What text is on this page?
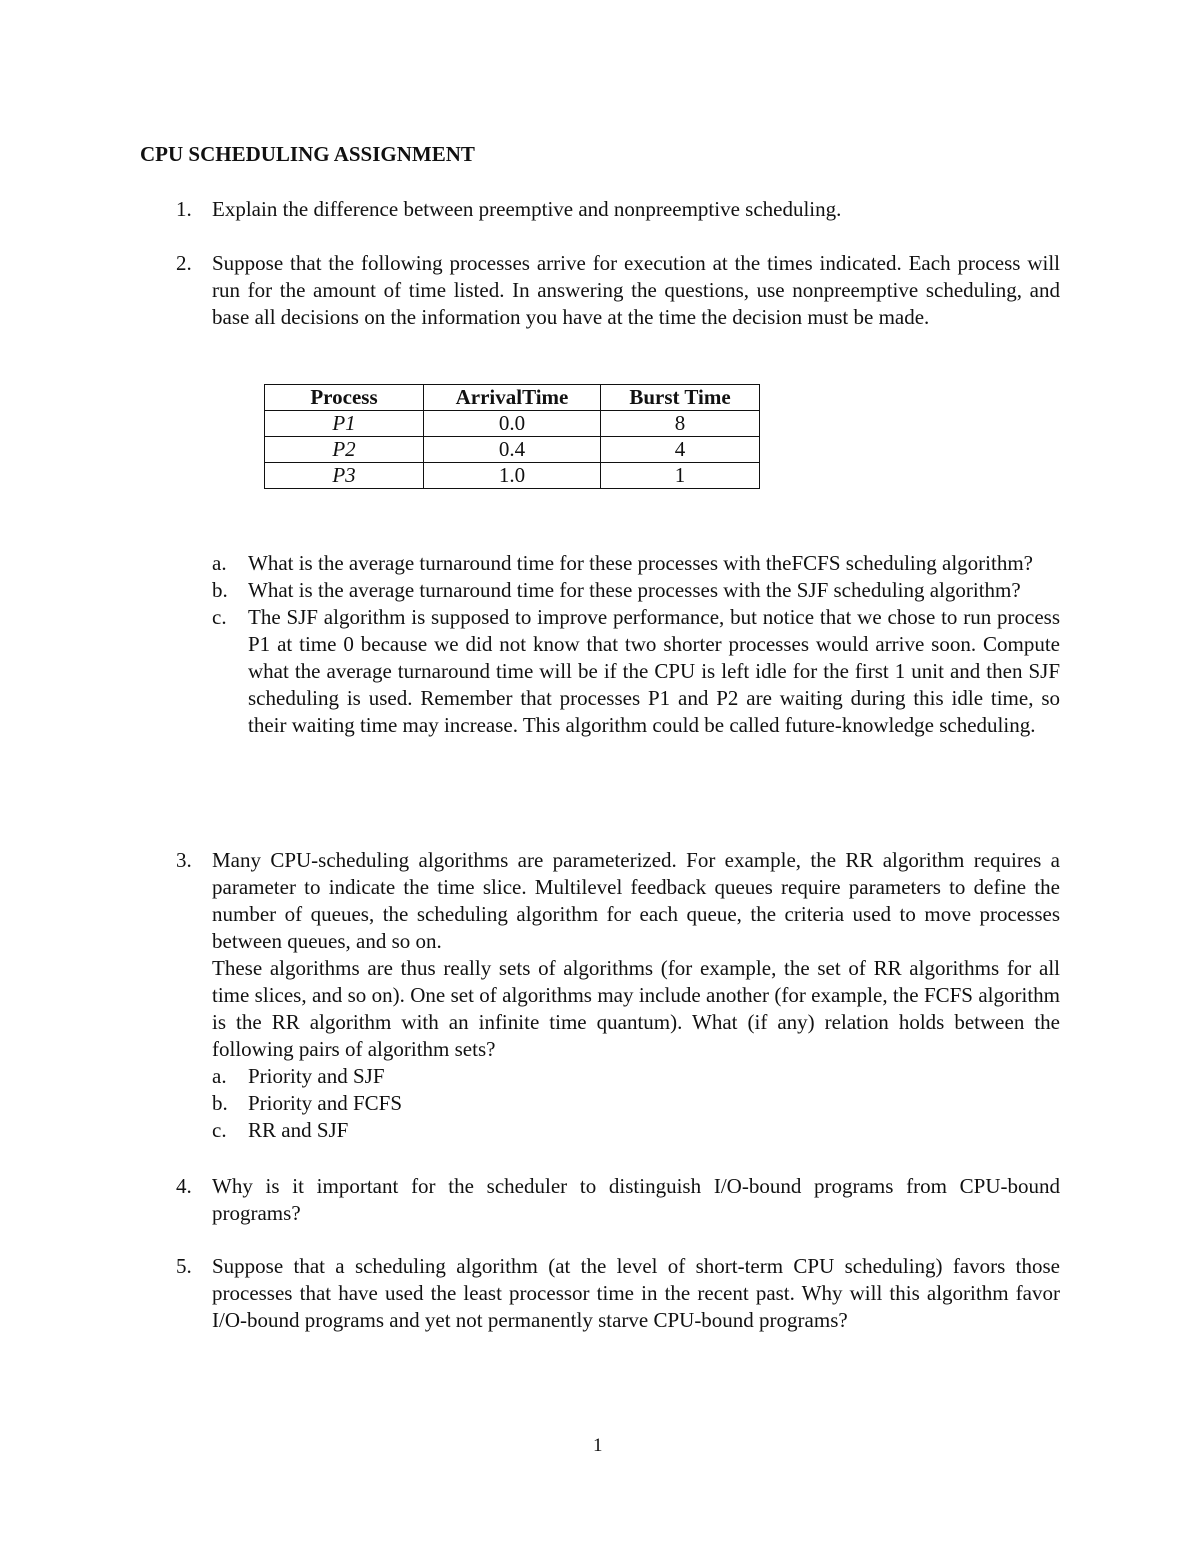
CPU SCHEDULING ASSIGNMENT
1. Explain the difference between preemptive and nonpreemptive scheduling.
2. Suppose that the following processes arrive for execution at the times indicated. Each process will run for the amount of time listed. In answering the questions, use nonpreemptive scheduling, and base all decisions on the information you have at the time the decision must be made.
Process	ArrivalTime	Burst Time
P1	0.0	8
P2	0.4	4
P3	1.0	1
a. What is the average turnaround time for these processes with theFCFS scheduling algorithm?
b. What is the average turnaround time for these processes with the SJF scheduling algorithm?
c. The SJF algorithm is supposed to improve performance, but notice that we chose to run process P1 at time 0 because we did not know that two shorter processes would arrive soon. Compute what the average turnaround time will be if the CPU is left idle for the first 1 unit and then SJF scheduling is used. Remember that processes P1 and P2 are waiting during this idle time, so their waiting time may increase. This algorithm could be called future-knowledge scheduling.
3. Many CPU-scheduling algorithms are parameterized. For example, the RR algorithm requires a parameter to indicate the time slice. Multilevel feedback queues require parameters to define the number of queues, the scheduling algorithm for each queue, the criteria used to move processes between queues, and so on.
These algorithms are thus really sets of algorithms (for example, the set of RR algorithms for all time slices, and so on). One set of algorithms may include another (for example, the FCFS algorithm is the RR algorithm with an infinite time quantum). What (if any) relation holds between the following pairs of algorithm sets?
a. Priority and SJF
b. Priority and FCFS
c. RR and SJF
4. Why is it important for the scheduler to distinguish I/O-bound programs from CPU-bound programs?
5. Suppose that a scheduling algorithm (at the level of short-term CPU scheduling) favors those processes that have used the least processor time in the recent past. Why will this algorithm favor I/O-bound programs and yet not permanently starve CPU-bound programs?
1
